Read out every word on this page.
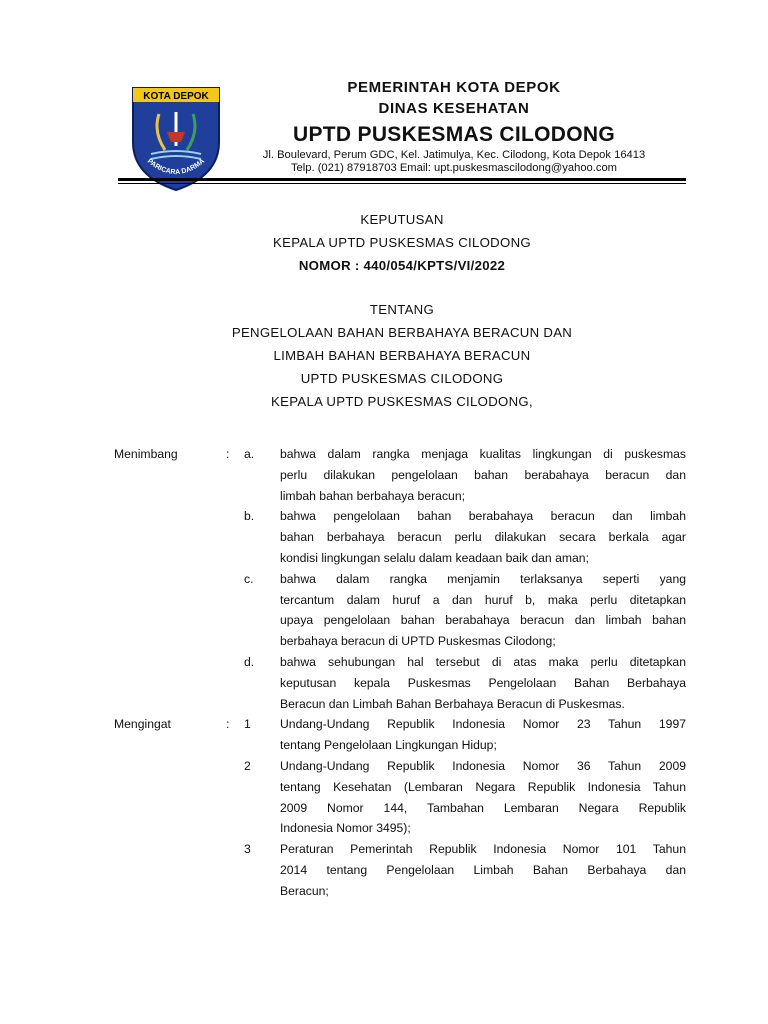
KOTA DEPOK
PARICARA DARMA
PEMERINTAH KOTA DEPOK
DINAS KESEHATAN
UPTD PUSKESMAS CILODONG
Jl. Boulevard, Perum GDC, Kel. Jatimulya, Kec. Cilodong, Kota Depok 16413
Telp. (021) 87918703 Email: upt.puskesmascilodong@yahoo.com
KEPUTUSAN
KEPALA UPTD PUSKESMAS CILODONG
NOMOR : 440/054/KPTS/VI/2022
TENTANG
PENGELOLAAN BAHAN BERBAHAYA BERACUN DAN
LIMBAH BAHAN BERBAHAYA BERACUN
UPTD PUSKESMAS CILODONG
KEPALA UPTD PUSKESMAS CILODONG,
Menimbang	:	a.	bahwa dalam rangka menjaga kualitas lingkungan di puskesmas
perlu dilakukan pengelolaan bahan berabahaya beracun dan
limbah bahan berbahaya beracun;
b.	bahwa pengelolaan bahan berabahaya beracun dan limbah
bahan berbahaya beracun perlu dilakukan secara berkala agar
kondisi lingkungan selalu dalam keadaan baik dan aman;
c.	bahwa dalam rangka menjamin terlaksanya seperti yang
tercantum dalam huruf a dan huruf b, maka perlu ditetapkan
upaya pengelolaan bahan berabahaya beracun dan limbah bahan
berbahaya beracun di UPTD Puskesmas Cilodong;
d.	bahwa sehubungan hal tersebut di atas maka perlu ditetapkan
keputusan kepala Puskesmas Pengelolaan Bahan Berbahaya
Beracun dan Limbah Bahan Berbahaya Beracun di Puskesmas.
Mengingat	:	1	Undang-Undang Republik Indonesia Nomor 23 Tahun 1997
tentang Pengelolaan Lingkungan Hidup;
2	Undang-Undang Republik Indonesia Nomor 36 Tahun 2009
tentang Kesehatan (Lembaran Negara Republik Indonesia Tahun
2009 Nomor 144, Tambahan Lembaran Negara Republik
Indonesia Nomor 3495);
3	Peraturan Pemerintah Republik Indonesia Nomor 101 Tahun
2014 tentang Pengelolaan Limbah Bahan Berbahaya dan
Beracun;
